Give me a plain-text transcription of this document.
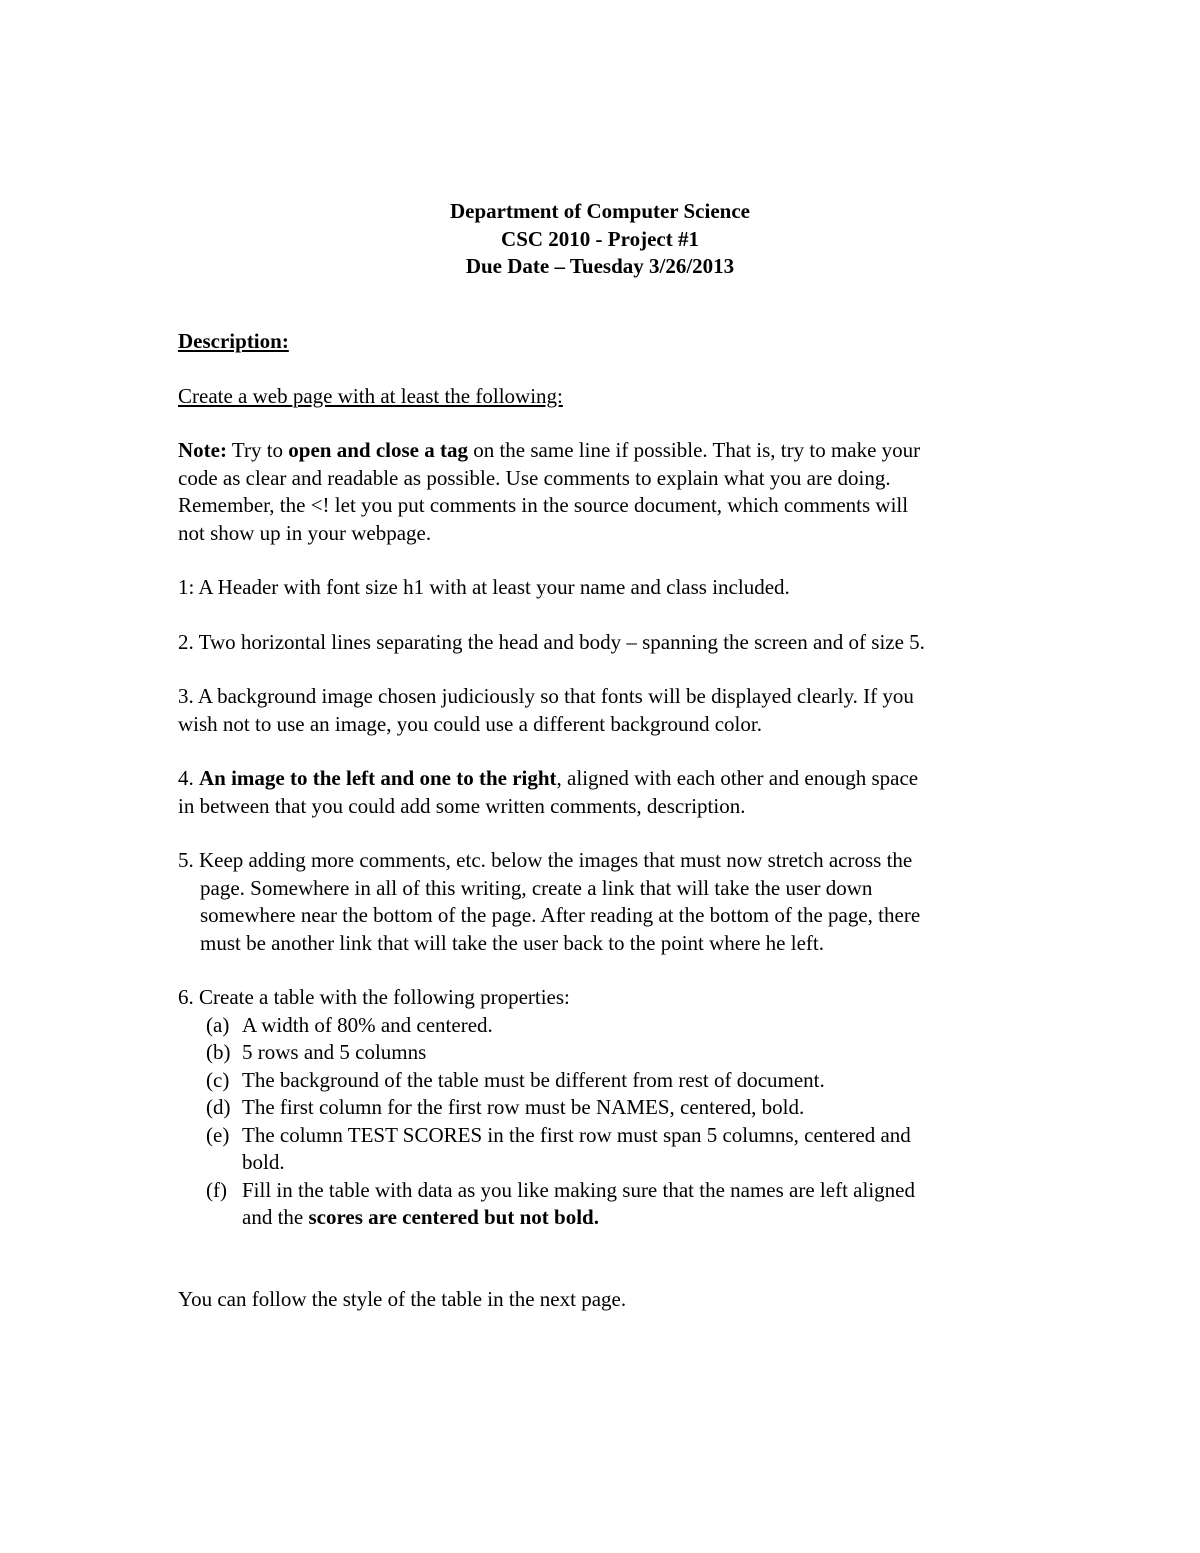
Department of Computer Science
CSC 2010 - Project #1
Due Date – Tuesday 3/26/2013

Description:

Create a web page with at least the following:

Note: Try to open and close a tag on the same line if possible. That is, try to make your

code as clear and readable as possible. Use comments to explain what you are doing.

Remember, the <! let you put comments in the source document, which comments will

not show up in your webpage.

1: A Header with font size h1 with at least your name and class included.

2. Two horizontal lines separating the head and body – spanning the screen and of size 5.

3. A background image chosen judiciously so that fonts will be displayed clearly. If you

wish not to use an image, you could use a different background color.

4. An image to the left and one to the right, aligned with each other and enough space

in between that you could add some written comments, description.

5. Keep adding more comments, etc. below the images that must now stretch across the

page. Somewhere in all of this writing, create a link that will take the user down

somewhere near the bottom of the page. After reading at the bottom of the page, there

must be another link that will take the user back to the point where he left.

6. Create a table with the following properties:

(a) A width of 80% and centered.

(b) 5 rows and 5 columns

(c) The background of the table must be different from rest of document.

(d) The first column for the first row must be NAMES, centered, bold.

(e) The column TEST SCORES in the first row must span 5 columns, centered and

bold.

(f) Fill in the table with data as you like making sure that the names are left aligned

and the scores are centered but not bold.

You can follow the style of the table in the next page.
